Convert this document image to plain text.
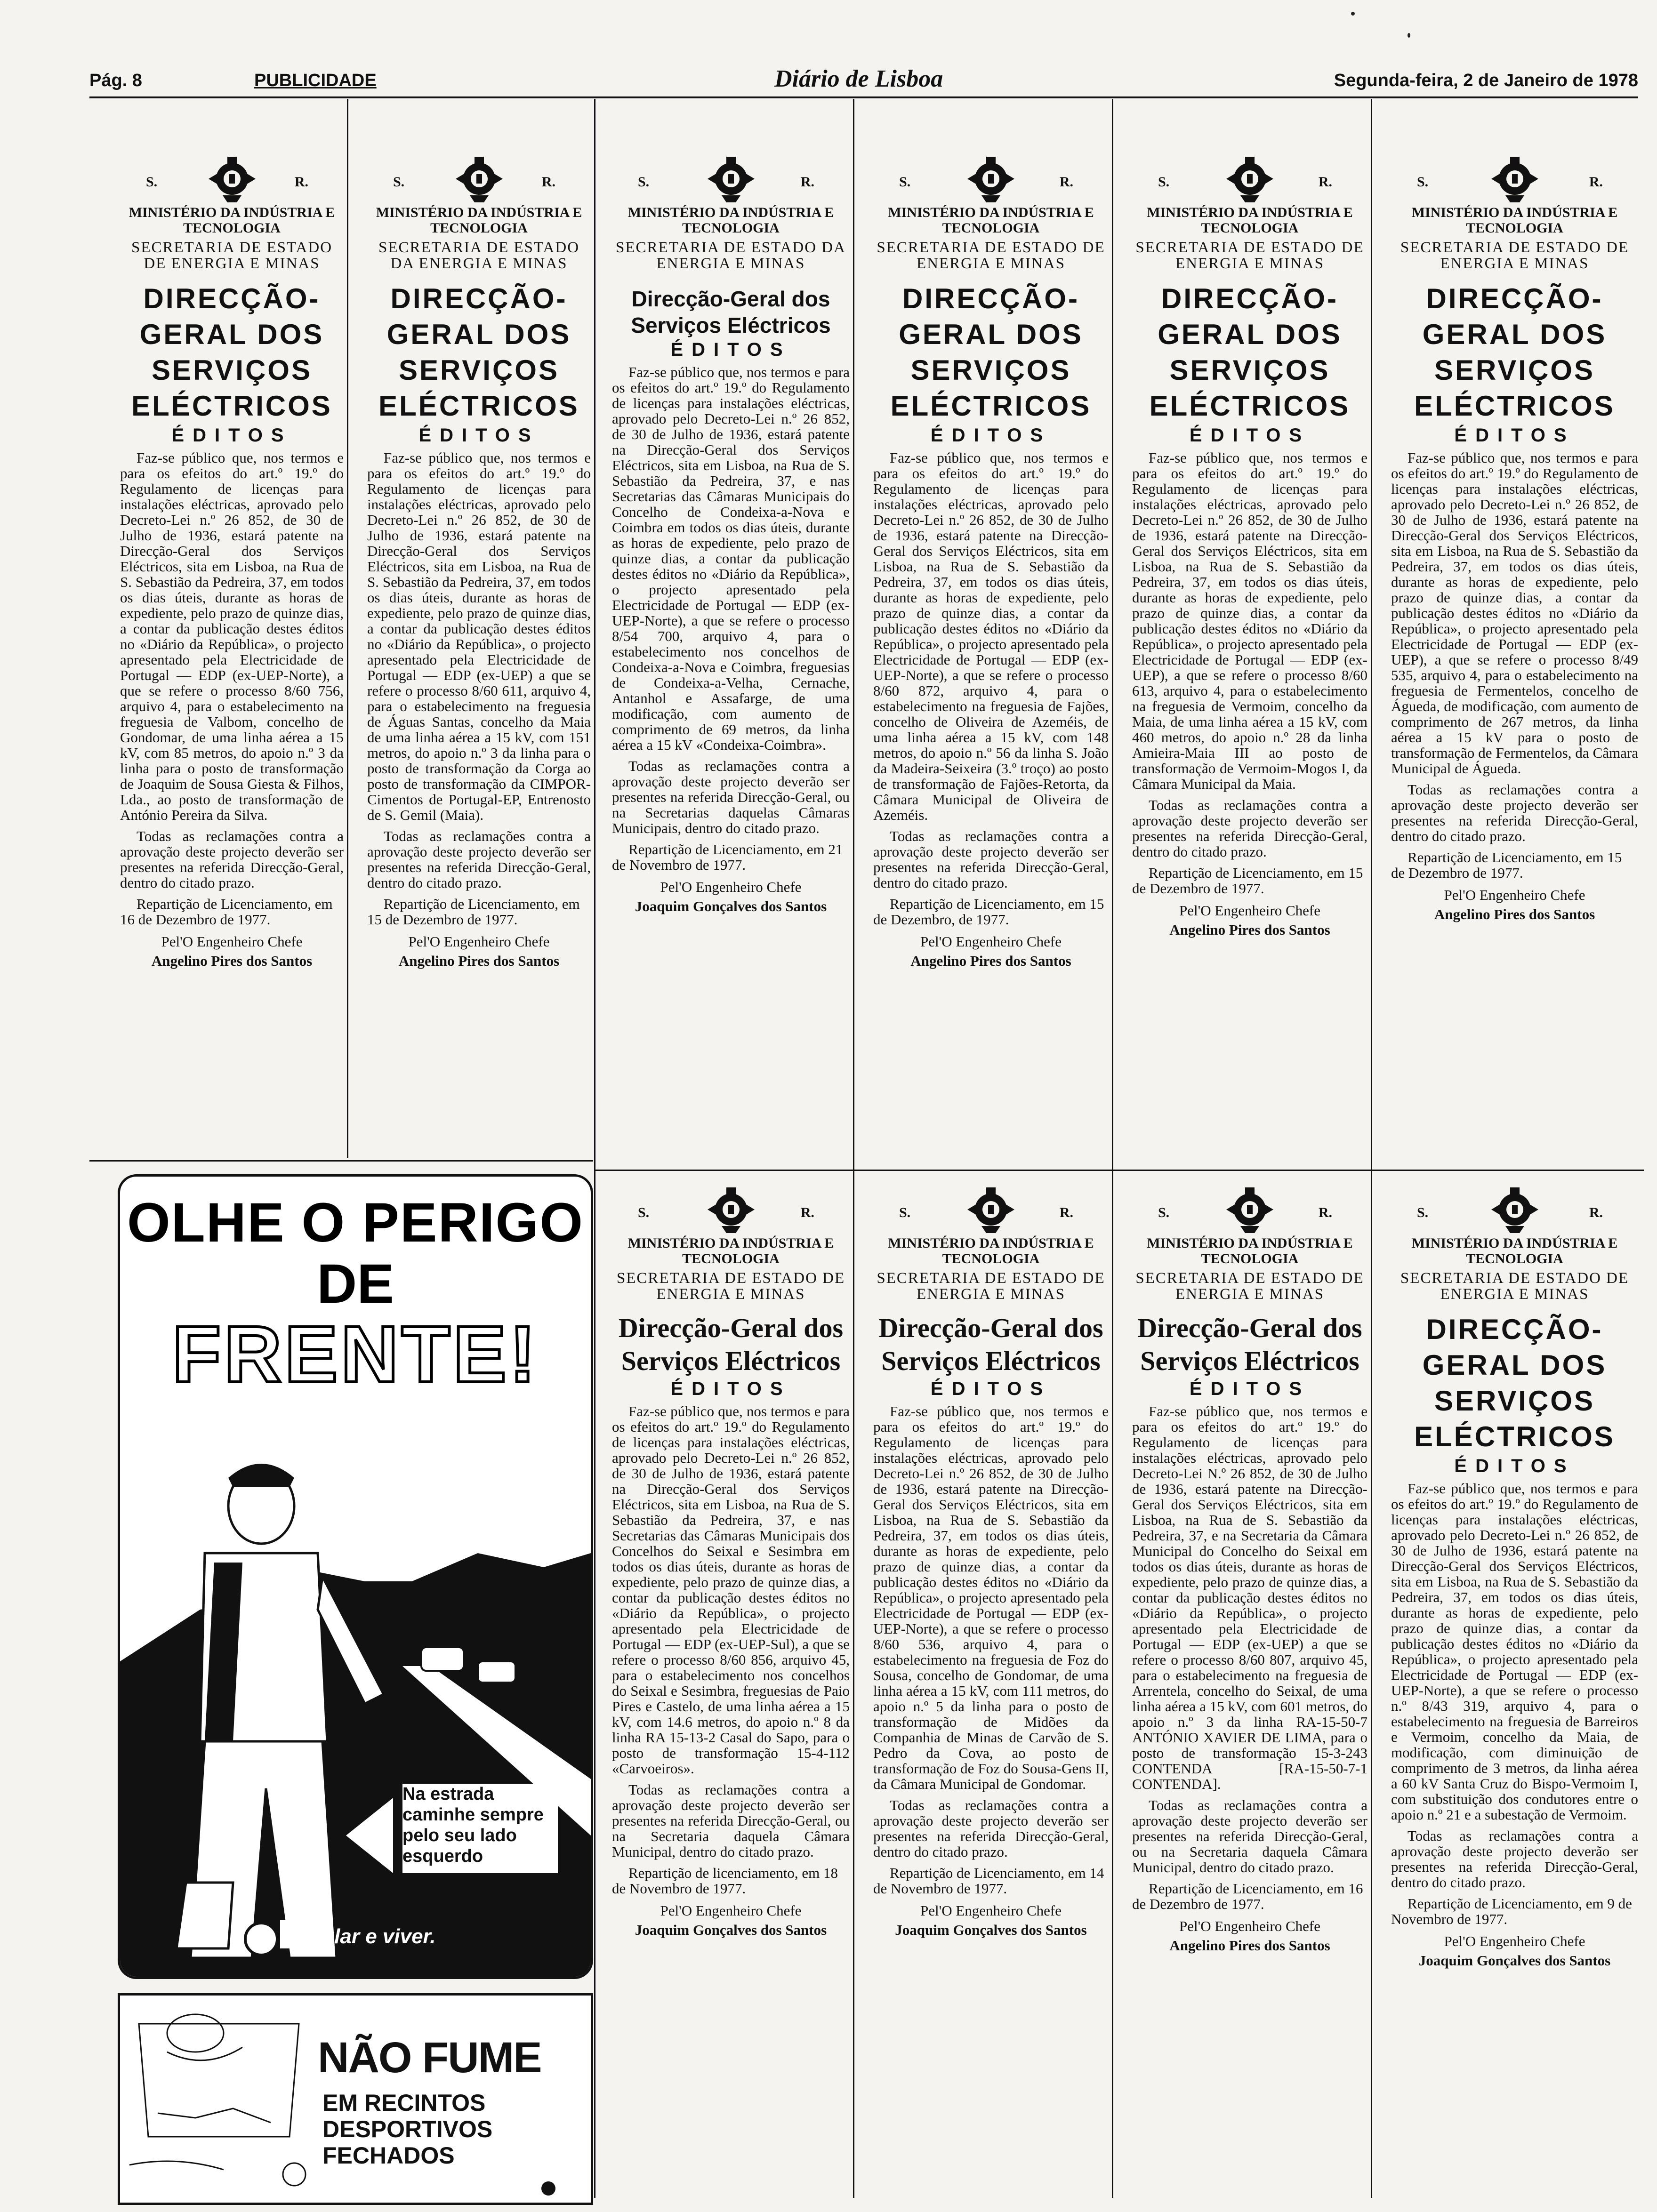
Pág. 8	PUBLICIDADE	Diário de Lisboa	Segunda-feira, 2 de Janeiro de 1978
S.	R.
MINISTÉRIO DA INDÚSTRIA E TECNOLOGIA
SECRETARIA DE ESTADO DE ENERGIA E MINAS
DIRECÇÃO-GERAL DOS SERVIÇOS ELÉCTRICOS
ÉDITOS
Faz-se público que, nos termos e para os efeitos do art.º 19.º do Regulamento de licenças para instalações eléctricas, aprovado pelo Decreto-Lei n.º 26 852, de 30 de Julho de 1936, estará patente na Direcção-Geral dos Serviços Eléctricos, sita em Lisboa, na Rua de S. Sebastião da Pedreira, 37, em todos os dias úteis, durante as horas de expediente, pelo prazo de quinze dias, a contar da publicação destes éditos no «Diário da República», o projecto apresentado pela Electricidade de Portugal — EDP (ex-UEP-Norte), a que se refere o processo 8/60 756, arquivo 4, para o estabelecimento na freguesia de Valbom, concelho de Gondomar, de uma linha aérea a 15 kV, com 85 metros, do apoio n.º 3 da linha para o posto de transformação de Joaquim de Sousa Giesta & Filhos, Lda., ao posto de transformação de António Pereira da Silva.
Todas as reclamações contra a aprovação deste projecto deverão ser presentes na referida Direcção-Geral, dentro do citado prazo.
Repartição de Licenciamento, em 16 de Dezembro de 1977.
Pel'O Engenheiro Chefe
Angelino Pires dos Santos
S.	R.
MINISTÉRIO DA INDÚSTRIA E TECNOLOGIA
SECRETARIA DE ESTADO DA ENERGIA E MINAS
DIRECÇÃO-GERAL DOS SERVIÇOS ELÉCTRICOS
ÉDITOS
Faz-se público que, nos termos e para os efeitos do art.º 19.º do Regulamento de licenças para instalações eléctricas, aprovado pelo Decreto-Lei n.º 26 852, de 30 de Julho de 1936, estará patente na Direcção-Geral dos Serviços Eléctricos, sita em Lisboa, na Rua de S. Sebastião da Pedreira, 37, em todos os dias úteis, durante as horas de expediente, pelo prazo de quinze dias, a contar da publicação destes éditos no «Diário da República», o projecto apresentado pela Electricidade de Portugal — EDP (ex-UEP) a que se refere o processo 8/60 611, arquivo 4, para o estabelecimento na freguesia de Águas Santas, concelho da Maia de uma linha aérea a 15 kV, com 151 metros, do apoio n.º 3 da linha para o posto de transformação da Corga ao posto de transformação da CIMPOR-Cimentos de Portugal-EP, Entrenosto de S. Gemil (Maia).
Todas as reclamações contra a aprovação deste projecto deverão ser presentes na referida Direcção-Geral, dentro do citado prazo.
Repartição de Licenciamento, em 15 de Dezembro de 1977.
Pel'O Engenheiro Chefe
Angelino Pires dos Santos
S.	R.
MINISTÉRIO DA INDÚSTRIA E TECNOLOGIA
SECRETARIA DE ESTADO DA ENERGIA E MINAS
Direcção-Geral dos Serviços Eléctricos
ÉDITOS
Faz-se público que, nos termos e para os efeitos do art.º 19.º do Regulamento de licenças para instalações eléctricas, aprovado pelo Decreto-Lei n.º 26 852, de 30 de Julho de 1936, estará patente na Direcção-Geral dos Serviços Eléctricos, sita em Lisboa, na Rua de S. Sebastião da Pedreira, 37, e nas Secretarias das Câmaras Municipais do Concelho de Condeixa-a-Nova e Coimbra em todos os dias úteis, durante as horas de expediente, pelo prazo de quinze dias, a contar da publicação destes éditos no «Diário da República», o projecto apresentado pela Electricidade de Portugal — EDP (ex-UEP-Norte), a que se refere o processo 8/54 700, arquivo 4, para o estabelecimento nos concelhos de Condeixa-a-Nova e Coimbra, freguesias de Condeixa-a-Velha, Cernache, Antanhol e Assafarge, de uma modificação, com aumento de comprimento de 69 metros, da linha aérea a 15 kV «Condeixa-Coimbra».
Todas as reclamações contra a aprovação deste projecto deverão ser presentes na referida Direcção-Geral, ou na Secretarias daquelas Câmaras Municipais, dentro do citado prazo.
Repartição de Licenciamento, em 21 de Novembro de 1977.
Pel'O Engenheiro Chefe
Joaquim Gonçalves dos Santos
S.	R.
MINISTÉRIO DA INDÚSTRIA E TECNOLOGIA
SECRETARIA DE ESTADO DE ENERGIA E MINAS
DIRECÇÃO-GERAL DOS SERVIÇOS ELÉCTRICOS
ÉDITOS
Faz-se público que, nos termos e para os efeitos do art.º 19.º do Regulamento de licenças para instalações eléctricas, aprovado pelo Decreto-Lei n.º 26 852, de 30 de Julho de 1936, estará patente na Direcção-Geral dos Serviços Eléctricos, sita em Lisboa, na Rua de S. Sebastião da Pedreira, 37, em todos os dias úteis, durante as horas de expediente, pelo prazo de quinze dias, a contar da publicação destes éditos no «Diário da República», o projecto apresentado pela Electricidade de Portugal — EDP (ex-UEP-Norte), a que se refere o processo 8/60 872, arquivo 4, para o estabelecimento na freguesia de Fajões, concelho de Oliveira de Azeméis, de uma linha aérea a 15 kV, com 148 metros, do apoio n.º 56 da linha S. João da Madeira-Seixeira (3.º troço) ao posto de transformação de Fajões-Retorta, da Câmara Municipal de Oliveira de Azeméis.
Todas as reclamações contra a aprovação deste projecto deverão ser presentes na referida Direcção-Geral, dentro do citado prazo.
Repartição de Licenciamento, em 15 de Dezembro, de 1977.
Pel'O Engenheiro Chefe
Angelino Pires dos Santos
S.	R.
MINISTÉRIO DA INDÚSTRIA E TECNOLOGIA
SECRETARIA DE ESTADO DE ENERGIA E MINAS
DIRECÇÃO-GERAL DOS SERVIÇOS ELÉCTRICOS
ÉDITOS
Faz-se público que, nos termos e para os efeitos do art.º 19.º do Regulamento de licenças para instalações eléctricas, aprovado pelo Decreto-Lei n.º 26 852, de 30 de Julho de 1936, estará patente na Direcção-Geral dos Serviços Eléctricos, sita em Lisboa, na Rua de S. Sebastião da Pedreira, 37, em todos os dias úteis, durante as horas de expediente, pelo prazo de quinze dias, a contar da publicação destes éditos no «Diário da República», o projecto apresentado pela Electricidade de Portugal — EDP (ex-UEP), a que se refere o processo 8/60 613, arquivo 4, para o estabelecimento na freguesia de Vermoim, concelho da Maia, de uma linha aérea a 15 kV, com 460 metros, do apoio n.º 28 da linha Amieira-Maia III ao posto de transformação de Vermoim-Mogos I, da Câmara Municipal da Maia.
Todas as reclamações contra a aprovação deste projecto deverão ser presentes na referida Direcção-Geral, dentro do citado prazo.
Repartição de Licenciamento, em 15 de Dezembro de 1977.
Pel'O Engenheiro Chefe
Angelino Pires dos Santos
S.	R.
MINISTÉRIO DA INDÚSTRIA E TECNOLOGIA
SECRETARIA DE ESTADO DE ENERGIA E MINAS
DIRECÇÃO-GERAL DOS SERVIÇOS ELÉCTRICOS
ÉDITOS
Faz-se público que, nos termos e para os efeitos do art.º 19.º do Regulamento de licenças para instalações eléctricas, aprovado pelo Decreto-Lei n.º 26 852, de 30 de Julho de 1936, estará patente na Direcção-Geral dos Serviços Eléctricos, sita em Lisboa, na Rua de S. Sebastião da Pedreira, 37, em todos os dias úteis, durante as horas de expediente, pelo prazo de quinze dias, a contar da publicação destes éditos no «Diário da República», o projecto apresentado pela Electricidade de Portugal — EDP (ex-UEP), a que se refere o processo 8/49 535, arquivo 4, para o estabelecimento na freguesia de Fermentelos, concelho de Águeda, de modificação, com aumento de comprimento de 267 metros, da linha aérea a 15 kV para o posto de transformação de Fermentelos, da Câmara Municipal de Águeda.
Todas as reclamações contra a aprovação deste projecto deverão ser presentes na referida Direcção-Geral, dentro do citado prazo.
Repartição de Licenciamento, em 15 de Dezembro de 1977.
Pel'O Engenheiro Chefe
Angelino Pires dos Santos
S.	R.
MINISTÉRIO DA INDÚSTRIA E TECNOLOGIA
SECRETARIA DE ESTADO DE ENERGIA E MINAS
Direcção-Geral dos Serviços Eléctricos
ÉDITOS
Faz-se público que, nos termos e para os efeitos do art.º 19.º do Regulamento de licenças para instalações eléctricas, aprovado pelo Decreto-Lei n.º 26 852, de 30 de Julho de 1936, estará patente na Direcção-Geral dos Serviços Eléctricos, sita em Lisboa, na Rua de S. Sebastião da Pedreira, 37, e nas Secretarias das Câmaras Municipais dos Concelhos do Seixal e Sesimbra em todos os dias úteis, durante as horas de expediente, pelo prazo de quinze dias, a contar da publicação destes éditos no «Diário da República», o projecto apresentado pela Electricidade de Portugal — EDP (ex-UEP-Sul), a que se refere o processo 8/60 856, arquivo 45, para o estabelecimento nos concelhos do Seixal e Sesimbra, freguesias de Paio Pires e Castelo, de uma linha aérea a 15 kV, com 14.6 metros, do apoio n.º 8 da linha RA 15-13-2 Casal do Sapo, para o posto de transformação 15-4-112 «Carvoeiros».
Todas as reclamações contra a aprovação deste projecto deverão ser presentes na referida Direcção-Geral, ou na Secretaria daquela Câmara Municipal, dentro do citado prazo.
Repartição de licenciamento, em 18 de Novembro de 1977.
Pel'O Engenheiro Chefe
Joaquim Gonçalves dos Santos
S.	R.
MINISTÉRIO DA INDÚSTRIA E TECNOLOGIA
SECRETARIA DE ESTADO DE ENERGIA E MINAS
Direcção-Geral dos Serviços Eléctricos
ÉDITOS
Faz-se público que, nos termos e para os efeitos do art.º 19.º do Regulamento de licenças para instalações eléctricas, aprovado pelo Decreto-Lei n.º 26 852, de 30 de Julho de 1936, estará patente na Direcção-Geral dos Serviços Eléctricos, sita em Lisboa, na Rua de S. Sebastião da Pedreira, 37, em todos os dias úteis, durante as horas de expediente, pelo prazo de quinze dias, a contar da publicação destes éditos no «Diário da República», o projecto apresentado pela Electricidade de Portugal — EDP (ex-UEP-Norte), a que se refere o processo 8/60 536, arquivo 4, para o estabelecimento na freguesia de Foz do Sousa, concelho de Gondomar, de uma linha aérea a 15 kV, com 111 metros, do apoio n.º 5 da linha para o posto de transformação de Midões da Companhia de Minas de Carvão de S. Pedro da Cova, ao posto de transformação de Foz do Sousa-Gens II, da Câmara Municipal de Gondomar.
Todas as reclamações contra a aprovação deste projecto deverão ser presentes na referida Direcção-Geral, dentro do citado prazo.
Repartição de Licenciamento, em 14 de Novembro de 1977.
Pel'O Engenheiro Chefe
Joaquim Gonçalves dos Santos
S.	R.
MINISTÉRIO DA INDÚSTRIA E TECNOLOGIA
SECRETARIA DE ESTADO DE ENERGIA E MINAS
Direcção-Geral dos Serviços Eléctricos
ÉDITOS
Faz-se público que, nos termos e para os efeitos do art.º 19.º do Regulamento de licenças para instalações eléctricas, aprovado pelo Decreto-Lei N.º 26 852, de 30 de Julho de 1936, estará patente na Direcção-Geral dos Serviços Eléctricos, sita em Lisboa, na Rua de S. Sebastião da Pedreira, 37, e na Secretaria da Câmara Municipal do Concelho do Seixal em todos os dias úteis, durante as horas de expediente, pelo prazo de quinze dias, a contar da publicação destes éditos no «Diário da República», o projecto apresentado pela Electricidade de Portugal — EDP (ex-UEP) a que se refere o processo 8/60 807, arquivo 45, para o estabelecimento na freguesia de Arrentela, concelho do Seixal, de uma linha aérea a 15 kV, com 601 metros, do apoio n.º 3 da linha RA-15-50-7 ANTÓNIO XAVIER DE LIMA, para o posto de transformação 15-3-243 CONTENDA [RA-15-50-7-1 CONTENDA].
Todas as reclamações contra a aprovação deste projecto deverão ser presentes na referida Direcção-Geral, ou na Secretaria daquela Câmara Municipal, dentro do citado prazo.
Repartição de Licenciamento, em 16 de Dezembro de 1977.
Pel'O Engenheiro Chefe
Angelino Pires dos Santos
S.	R.
MINISTÉRIO DA INDÚSTRIA E TECNOLOGIA
SECRETARIA DE ESTADO DE ENERGIA E MINAS
DIRECÇÃO-GERAL DOS SERVIÇOS ELÉCTRICOS
ÉDITOS
Faz-se público que, nos termos e para os efeitos do art.º 19.º do Regulamento de licenças para instalações eléctricas, aprovado pelo Decreto-Lei n.º 26 852, de 30 de Julho de 1936, estará patente na Direcção-Geral dos Serviços Eléctricos, sita em Lisboa, na Rua de S. Sebastião da Pedreira, 37, em todos os dias úteis, durante as horas de expediente, pelo prazo de quinze dias, a contar da publicação destes éditos no «Diário da República», o projecto apresentado pela Electricidade de Portugal — EDP (ex-UEP-Norte), a que se refere o processo n.º 8/43 319, arquivo 4, para o estabelecimento na freguesia de Barreiros e Vermoim, concelho da Maia, de modificação, com diminuição de comprimento de 3 metros, da linha aérea a 60 kV Santa Cruz do Bispo-Vermoim I, com substituição dos condutores entre o apoio n.º 21 e a subestação de Vermoim.
Todas as reclamações contra a aprovação deste projecto deverão ser presentes na referida Direcção-Geral, dentro do citado prazo.
Repartição de Licenciamento, em 9 de Novembro de 1977.
Pel'O Engenheiro Chefe
Joaquim Gonçalves dos Santos
OLHE O PERIGO
DE
FRENTE!
Na estrada caminhe sempre pelo seu lado esquerdo
circular e viver.
NÃO FUME
EM RECINTOS DESPORTIVOS FECHADOS
